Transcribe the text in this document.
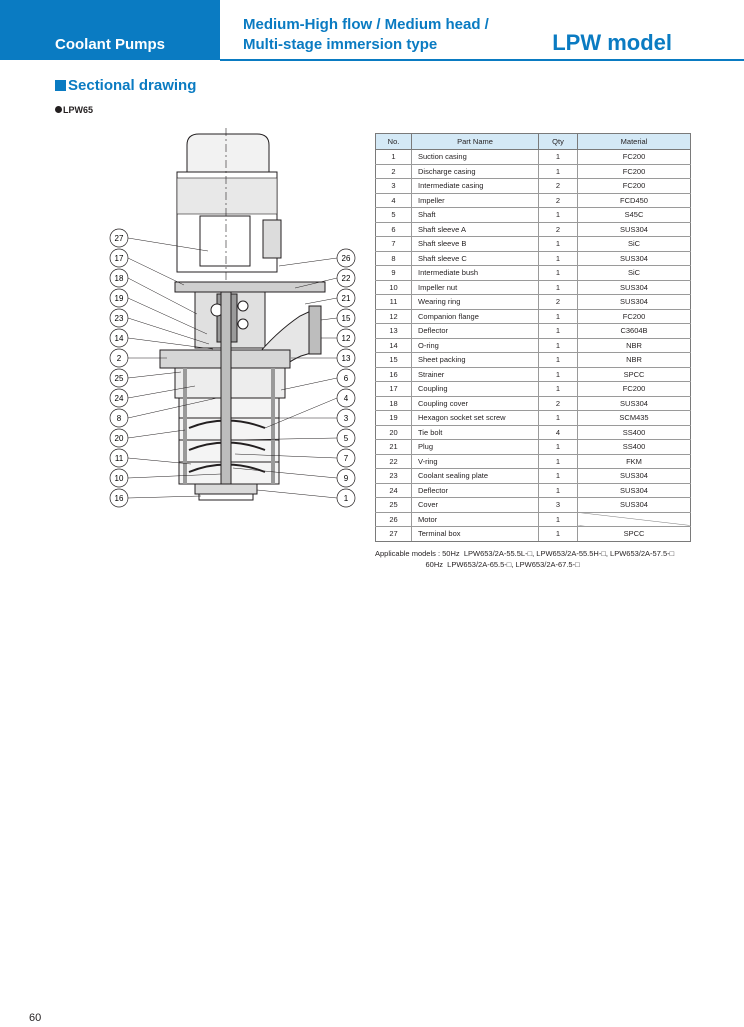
Coolant Pumps
Medium-High flow / Medium head /
Multi-stage immersion type	LPW model
Sectional drawing
LPW65
27
17
18
19
23
14
2
25
24
8
20
11
10
16
26
22
21
15
12
13
6
4
3
5
7
9
1
No.	Part Name	Qty	Material
1	Suction casing	1	FC200
2	Discharge casing	1	FC200
3	Intermediate casing	2	FC200
4	Impeller	2	FCD450
5	Shaft	1	S45C
6	Shaft sleeve A	2	SUS304
7	Shaft sleeve B	1	SiC
8	Shaft sleeve C	1	SUS304
9	Intermediate bush	1	SiC
10	Impeller nut	1	SUS304
11	Wearing ring	2	SUS304
12	Companion flange	1	FC200
13	Deflector	1	C3604B
14	O-ring	1	NBR
15	Sheet packing	1	NBR
16	Strainer	1	SPCC
17	Coupling	1	FC200
18	Coupling cover	2	SUS304
19	Hexagon socket set screw	1	SCM435
20	Tie bolt	4	SS400
21	Plug	1	SS400
22	V-ring	1	FKM
23	Coolant sealing plate	1	SUS304
24	Deflector	1	SUS304
25	Cover	3	SUS304
26	Motor	1	
27	Terminal box	1	SPCC
Applicable models : 50Hz LPW653/2A-55.5L-□, LPW653/2A-55.5H-□, LPW653/2A-57.5-□
60Hz LPW653/2A-65.5-□, LPW653/2A-67.5-□
60
